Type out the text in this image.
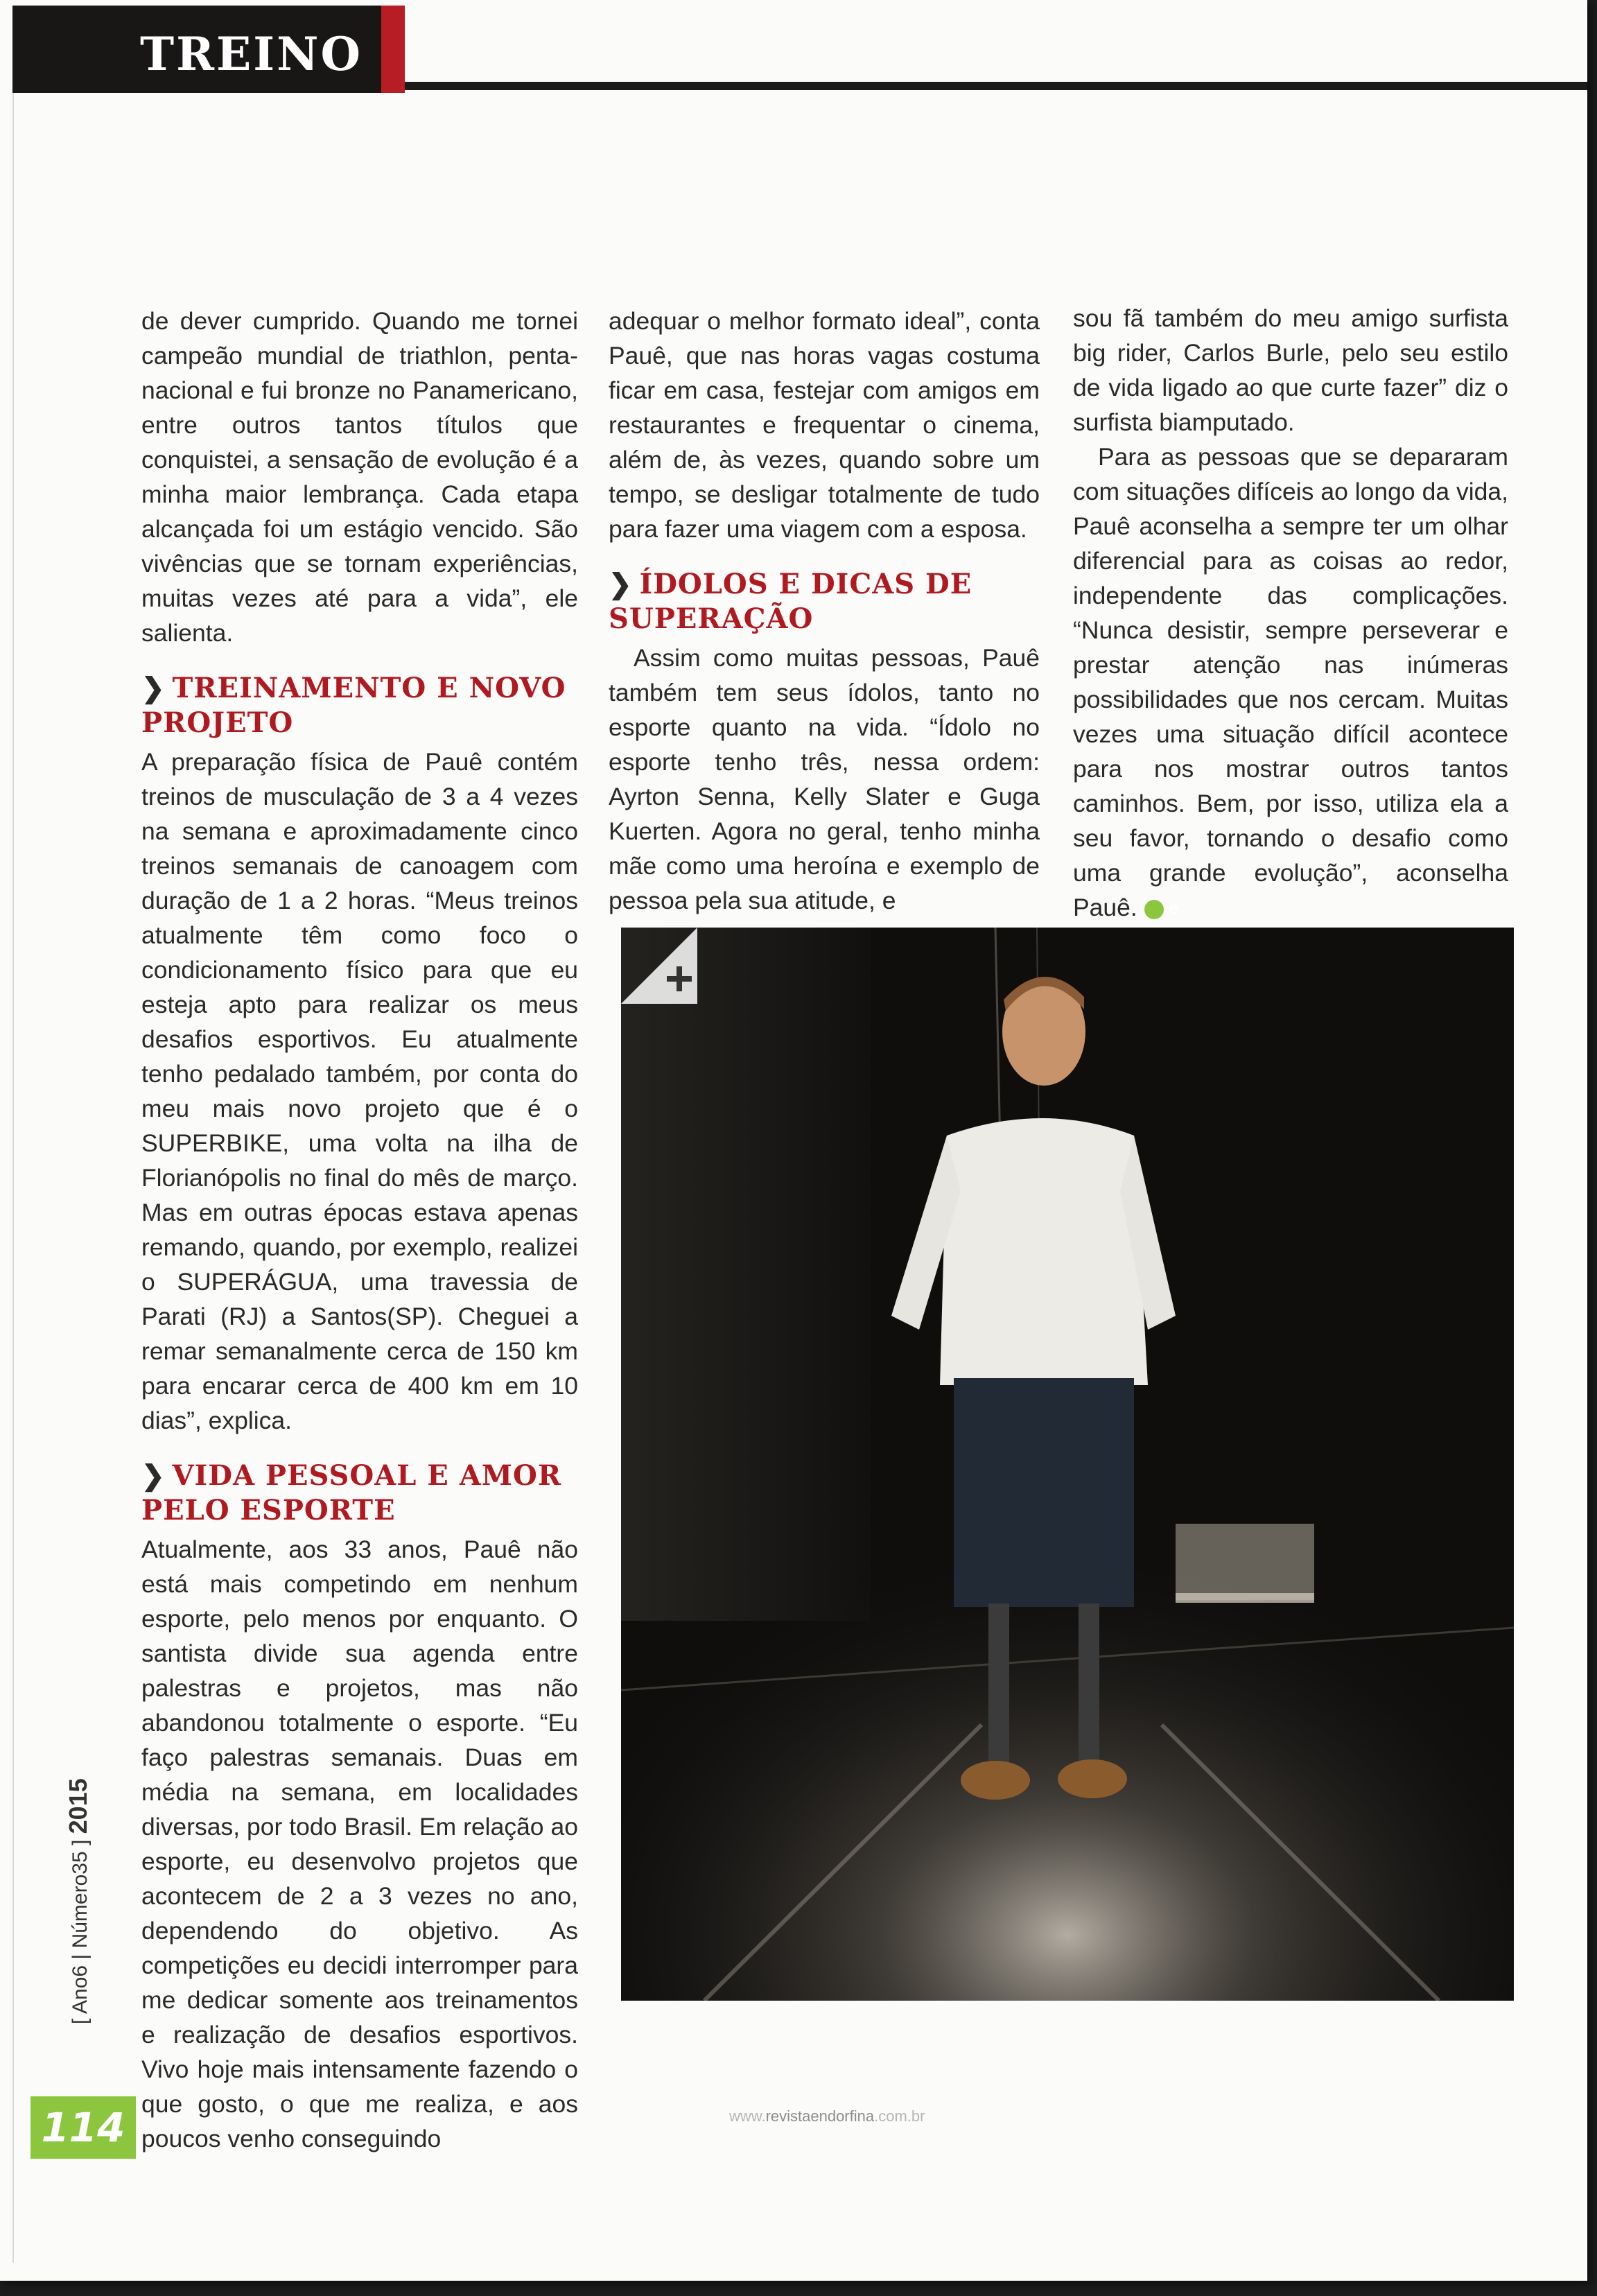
TREINO

de dever cumprido. Quando me tornei campeão mundial de triathlon, penta-nacional e fui bronze no Panamericano, entre outros tantos títulos que conquistei, a sensação de evolução é a minha maior lembrança. Cada etapa alcançada foi um estágio vencido. São vivências que se tornam experiências, muitas vezes até para a vida”, ele salienta.

❯ TREINAMENTO E NOVO PROJETO

A preparação física de Pauê contém treinos de musculação de 3 a 4 vezes na semana e aproximadamente cinco treinos semanais de canoagem com duração de 1 a 2 horas. “Meus treinos atualmente têm como foco o condicionamento físico para que eu esteja apto para realizar os meus desafios esportivos. Eu atualmente tenho pedalado também, por conta do meu mais novo projeto que é o SUPERBIKE, uma volta na ilha de Florianópolis no final do mês de março. Mas em outras épocas estava apenas remando, quando, por exemplo, realizei o SUPERÁGUA, uma travessia de Parati (RJ) a Santos(SP). Cheguei a remar semanalmente cerca de 150 km para encarar cerca de 400 km em 10 dias”, explica.

❯ VIDA PESSOAL E AMOR PELO ESPORTE

Atualmente, aos 33 anos, Pauê não está mais competindo em nenhum esporte, pelo menos por enquanto. O santista divide sua agenda entre palestras e projetos, mas não abandonou totalmente o esporte. “Eu faço palestras semanais. Duas em média na semana, em localidades diversas, por todo Brasil. Em relação ao esporte, eu desenvolvo projetos que acontecem de 2 a 3 vezes no ano, dependendo do objetivo. As competições eu decidi interromper para me dedicar somente aos treinamentos e realização de desafios esportivos. Vivo hoje mais intensamente fazendo o que gosto, o que me realiza, e aos poucos venho conseguindo

adequar o melhor formato ideal”, conta Pauê, que nas horas vagas costuma ficar em casa, festejar com amigos em restaurantes e frequentar o cinema, além de, às vezes, quando sobre um tempo, se desligar totalmente de tudo para fazer uma viagem com a esposa.

❯ ÍDOLOS E DICAS DE SUPERAÇÃO

Assim como muitas pessoas, Pauê também tem seus ídolos, tanto no esporte quanto na vida. “Ídolo no esporte tenho três, nessa ordem: Ayrton Senna, Kelly Slater e Guga Kuerten. Agora no geral, tenho minha mãe como uma heroína e exemplo de pessoa pela sua atitude, e

sou fã também do meu amigo surfista big rider, Carlos Burle, pelo seu estilo de vida ligado ao que curte fazer” diz o surfista biamputado.

Para as pessoas que se depararam com situações difíceis ao longo da vida, Pauê aconselha a sempre ter um olhar diferencial para as coisas ao redor, independente das complicações. “Nunca desistir, sempre perseverar e prestar atenção nas inúmeras possibilidades que nos cercam. Muitas vezes uma situação difícil acontece para nos mostrar outros tantos caminhos. Bem, por isso, utiliza ela a seu favor, tornando o desafio como uma grande evolução”, aconselha Pauê. e

[ Ano6 | Número35 ] 2015
114	www.revistaendorfina.com.br
